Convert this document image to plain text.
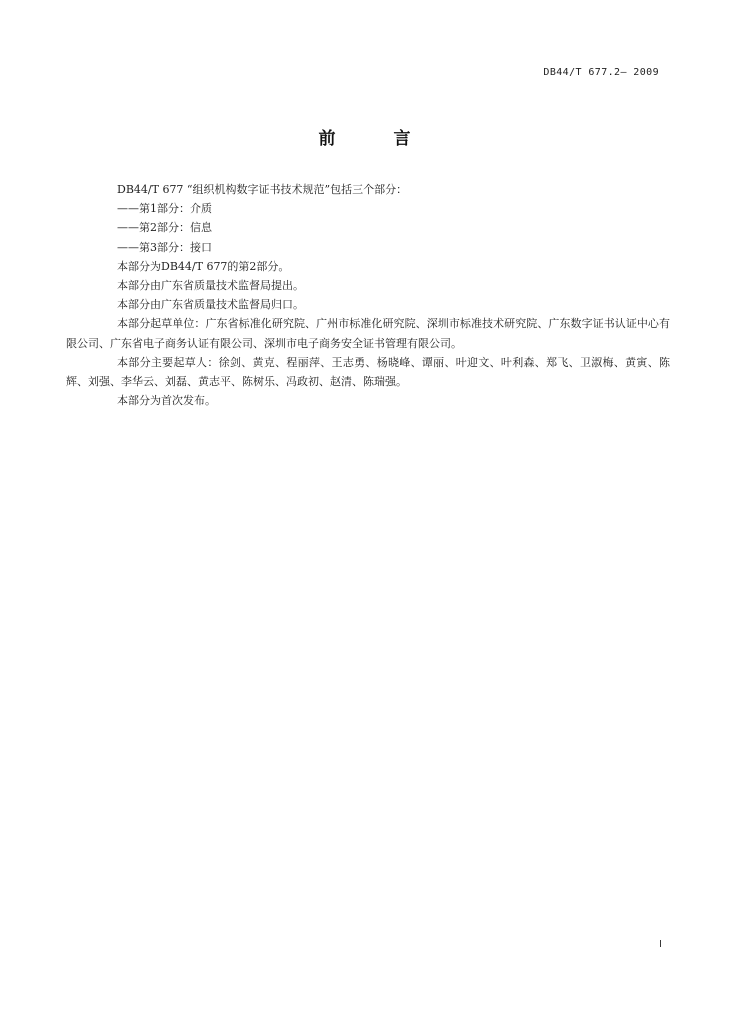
DB44/T 677.2— 2009
前 言

DB44/T 677 “组织机构数字证书技术规范”包括三个部分：

——第1部分：介质

——第2部分：信息

——第3部分：接口

本部分为DB44/T 677的第2部分。

本部分由广东省质量技术监督局提出。

本部分由广东省质量技术监督局归口。

本部分起草单位：广东省标准化研究院、广州市标准化研究院、深圳市标准技术研究院、广东数字证书认证中心有限公司、广东省电子商务认证有限公司、深圳市电子商务安全证书管理有限公司。

本部分主要起草人：徐剑、黄克、程丽萍、王志勇、杨晓峰、谭丽、叶迎文、叶利森、郑飞、卫淑梅、黄寅、陈辉、刘强、李华云、刘磊、黄志平、陈树乐、冯政初、赵清、陈瑞强。

本部分为首次发布。

I
